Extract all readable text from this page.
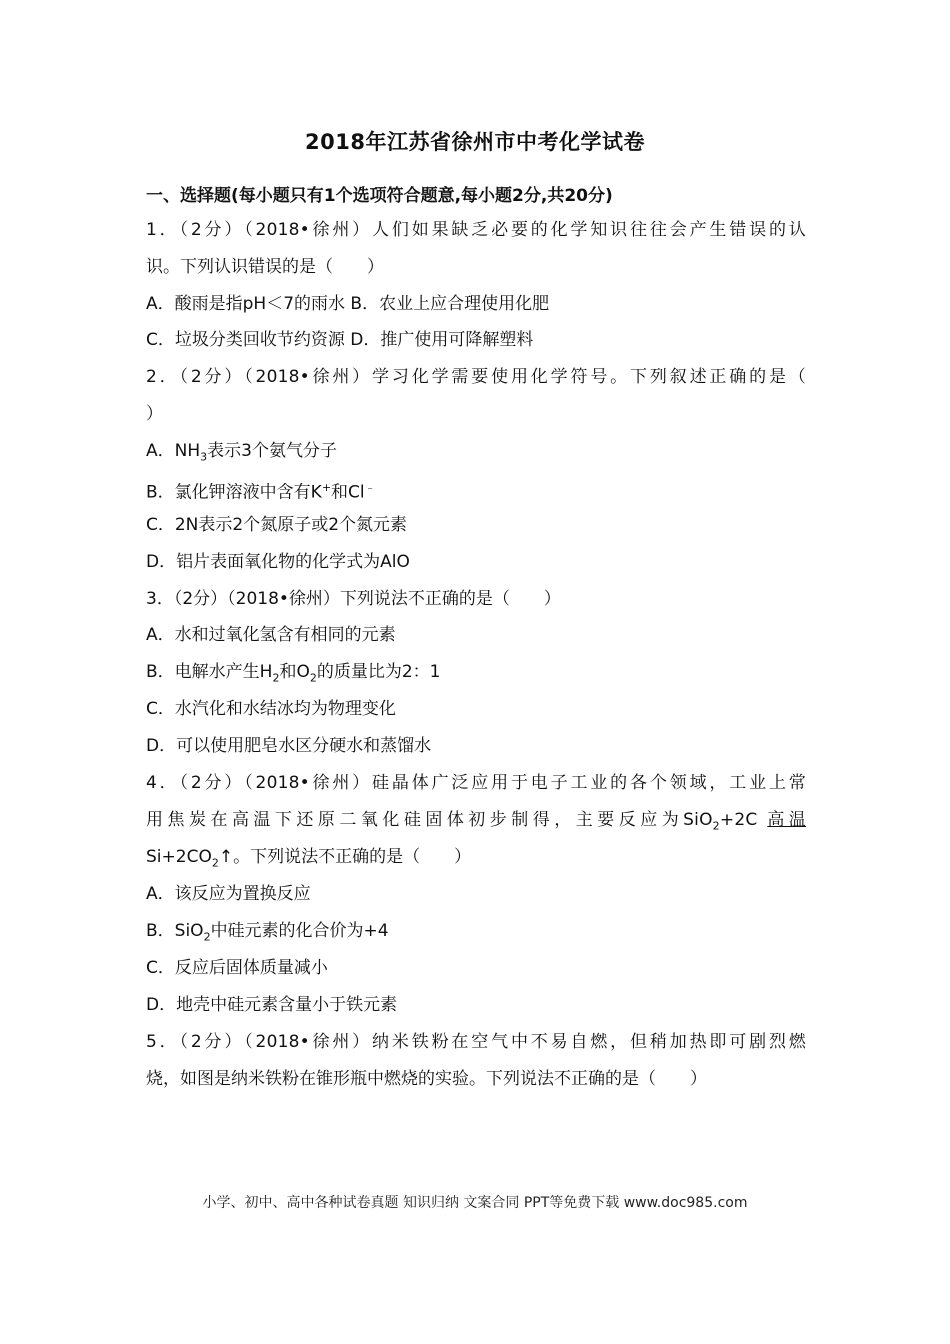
2018年江苏省徐州市中考化学试卷
一、选择题(每小题只有1个选项符合题意,每小题2分,共20分)
1．（2分）（2018•徐州）人们如果缺乏必要的化学知识往往会产生错误的认
识。下列认识错误的是（　　）
A．酸雨是指pH＜7的雨水 B．农业上应合理使用化肥
C．垃圾分类回收节约资源 D．推广使用可降解塑料
2．（2分）（2018•徐州）学习化学需要使用化学符号。下列叙述正确的是（
）
A．$NH_3$表示3个氨气分子
B．氯化钾溶液中含有K+和Cl﹣
C．2N表示2个氮原子或2个氮元素
D．铝片表面氧化物的化学式为AlO
3．（2分）（2018•徐州）下列说法不正确的是（　　）
A．水和过氧化氢含有相同的元素
B．电解水产生$H_2$和$O_2$的质量比为2：1
C．水汽化和水结冰均为物理变化
D．可以使用肥皂水区分硬水和蒸馏水
4．（2分）（2018•徐州）硅晶体广泛应用于电子工业的各个领域，工业上常
用焦炭在高温下还原二氧化硅固体初步制得，主要反应为SiO$_2$+2C 高温
$Si+2CO_2↑$。下列说法不正确的是（　　）
A．该反应为置换反应
B．SiO$_2$中硅元素的化合价为+4
C．反应后固体质量减小
D．地壳中硅元素含量小于铁元素
5．（2分）（2018•徐州）纳米铁粉在空气中不易自燃，但稍加热即可剧烈燃
烧，如图是纳米铁粉在锥形瓶中燃烧的实验。下列说法不正确的是（　　）
小学、初中、高中各种试卷真题 知识归纳 文案合同 PPT等免费下载 www.doc985.com
